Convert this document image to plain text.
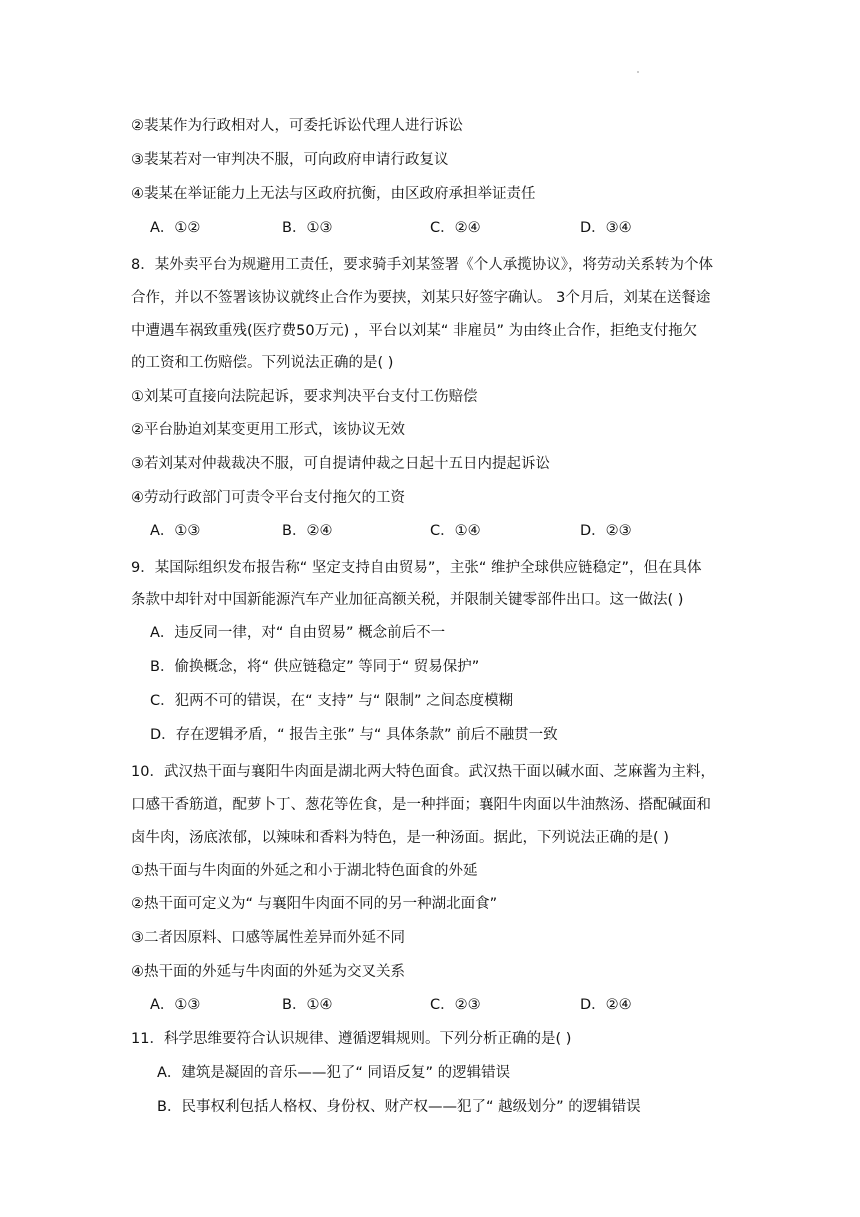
②裴某作为行政相对人，可委托诉讼代理人进行诉讼
③裴某若对一审判决不服，可向政府申请行政复议
④裴某在举证能力上无法与区政府抗衡，由区政府承担举证责任
A．①②	B．①③	C．②④	D．③④
8．某外卖平台为规避用工责任，要求骑手刘某签署《个人承揽协议》，将劳动关系转为个体
合作，并以不签署该协议就终止合作为要挟，刘某只好签字确认。 3个月后，刘某在送餐途
中遭遇车祸致重残(医疗费50万元) ，平台以刘某“ 非雇员” 为由终止合作，拒绝支付拖欠
的工资和工伤赔偿。下列说法正确的是( )
①刘某可直接向法院起诉，要求判决平台支付工伤赔偿
②平台胁迫刘某变更用工形式，该协议无效
③若刘某对仲裁裁决不服，可自提请仲裁之日起十五日内提起诉讼
④劳动行政部门可责令平台支付拖欠的工资
A．①③	B．②④	C．①④	D．②③
9．某国际组织发布报告称“ 坚定支持自由贸易”，主张“ 维护全球供应链稳定”，但在具体
条款中却针对中国新能源汽车产业加征高额关税，并限制关键零部件出口。这一做法( )
A．违反同一律，对“ 自由贸易” 概念前后不一
B．偷换概念，将“ 供应链稳定” 等同于“ 贸易保护”
C．犯两不可的错误，在“ 支持” 与“ 限制” 之间态度模糊
D．存在逻辑矛盾，“ 报告主张” 与“ 具体条款” 前后不融贯一致
10．武汉热干面与襄阳牛肉面是湖北两大特色面食。武汉热干面以碱水面、芝麻酱为主料，
口感干香筋道，配萝卜丁、葱花等佐食，是一种拌面；襄阳牛肉面以牛油熬汤、搭配碱面和
卤牛肉，汤底浓郁，以辣味和香料为特色，是一种汤面。据此，下列说法正确的是( )
①热干面与牛肉面的外延之和小于湖北特色面食的外延
②热干面可定义为“ 与襄阳牛肉面不同的另一种湖北面食”
③二者因原料、口感等属性差异而外延不同
④热干面的外延与牛肉面的外延为交叉关系
A．①③	B．①④	C．②③	D．②④
11．科学思维要符合认识规律、遵循逻辑规则。下列分析正确的是( )
A．建筑是凝固的音乐——犯了“ 同语反复” 的逻辑错误
B．民事权利包括人格权、身份权、财产权——犯了“ 越级划分” 的逻辑错误
